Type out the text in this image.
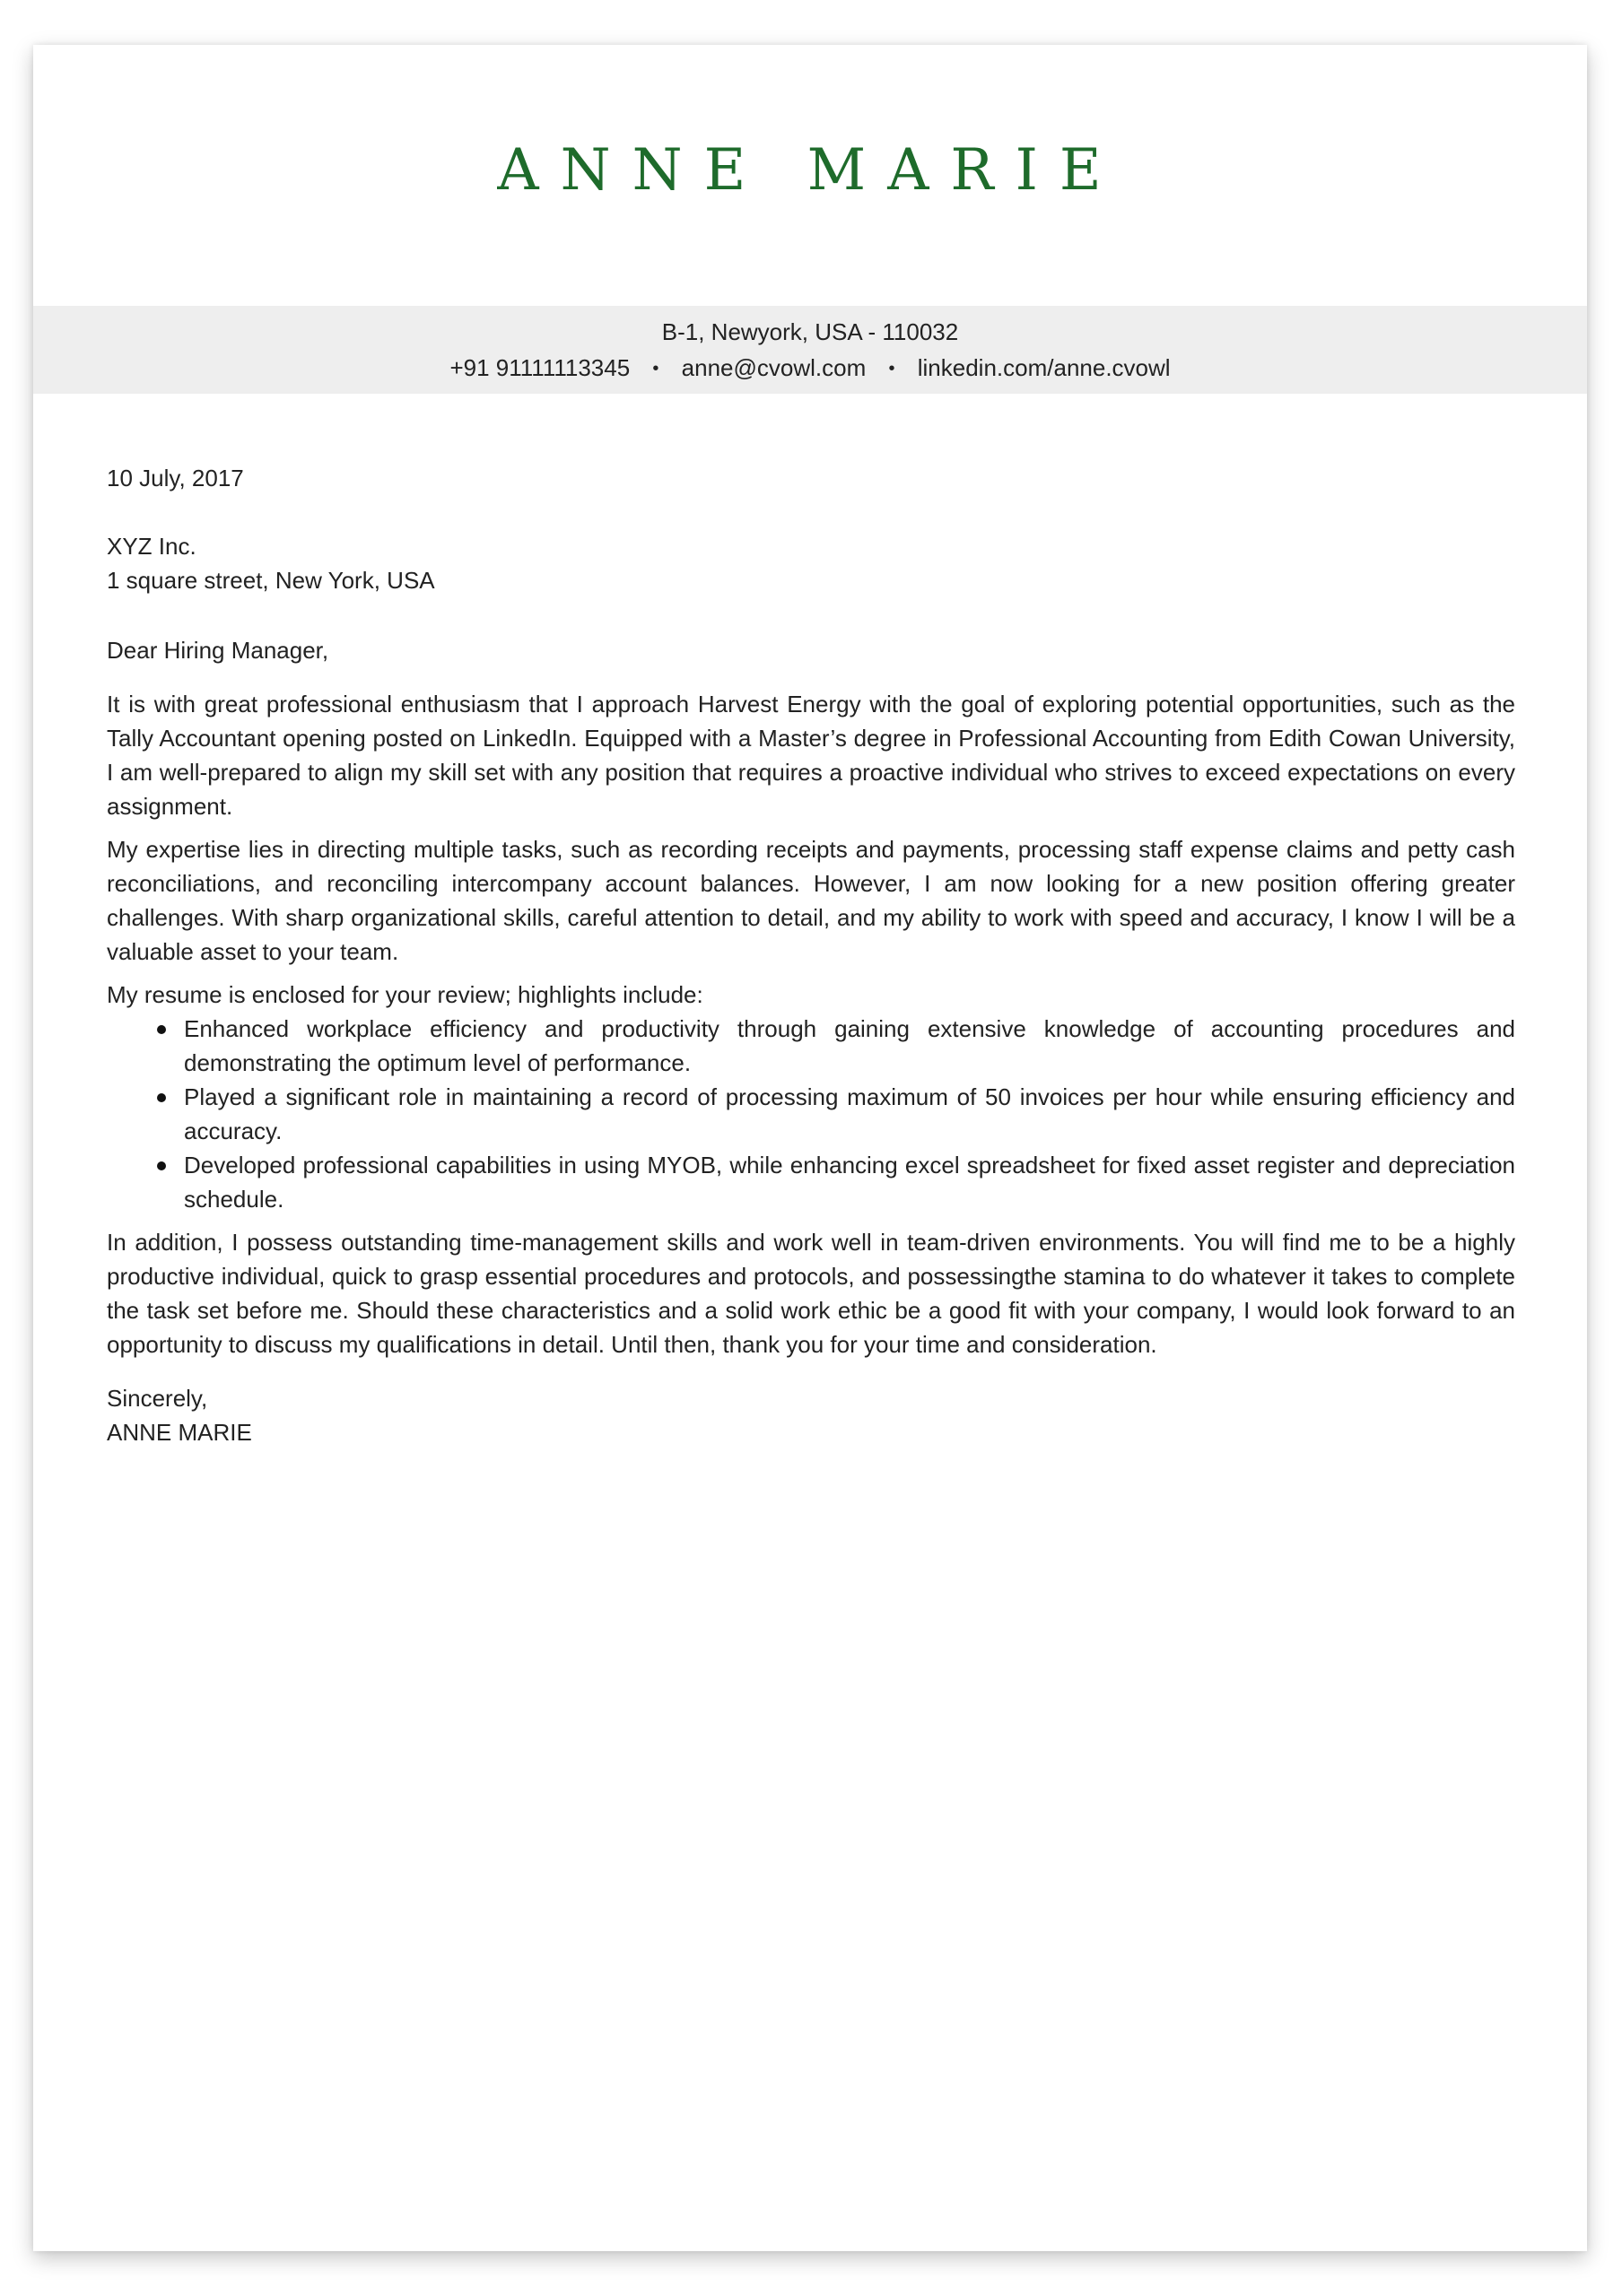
ANNE MARIE
B-1, Newyork, USA - 110032
+91 91111113345 • anne@cvowl.com • linkedin.com/anne.cvowl
10 July, 2017
XYZ Inc.
1 square street, New York, USA
Dear Hiring Manager,

It is with great professional enthusiasm that I approach Harvest Energy with the goal of exploring potential opportunities, such as the Tally Accountant opening posted on LinkedIn. Equipped with a Master’s degree in Professional Accounting from Edith Cowan University, I am well-prepared to align my skill set with any position that requires a proactive individual who strives to exceed expectations on every assignment.

My expertise lies in directing multiple tasks, such as recording receipts and payments, processing staff expense claims and petty cash reconciliations, and reconciling intercompany account balances. However, I am now looking for a new position offering greater challenges. With sharp organizational skills, careful attention to detail, and my ability to work with speed and accuracy, I know I will be a valuable asset to your team.

My resume is enclosed for your review; highlights include:

Enhanced workplace efficiency and productivity through gaining extensive knowledge of accounting procedures and demonstrating the optimum level of performance.
Played a significant role in maintaining a record of processing maximum of 50 invoices per hour while ensuring efficiency and accuracy.
Developed professional capabilities in using MYOB, while enhancing excel spreadsheet for fixed asset register and depreciation schedule.

In addition, I possess outstanding time-management skills and work well in team-driven environments. You will find me to be a highly productive individual, quick to grasp essential procedures and protocols, and possessingthe stamina to do whatever it takes to complete the task set before me. Should these characteristics and a solid work ethic be a good fit with your company, I would look forward to an opportunity to discuss my qualifications in detail. Until then, thank you for your time and consideration.

Sincerely,
ANNE MARIE
